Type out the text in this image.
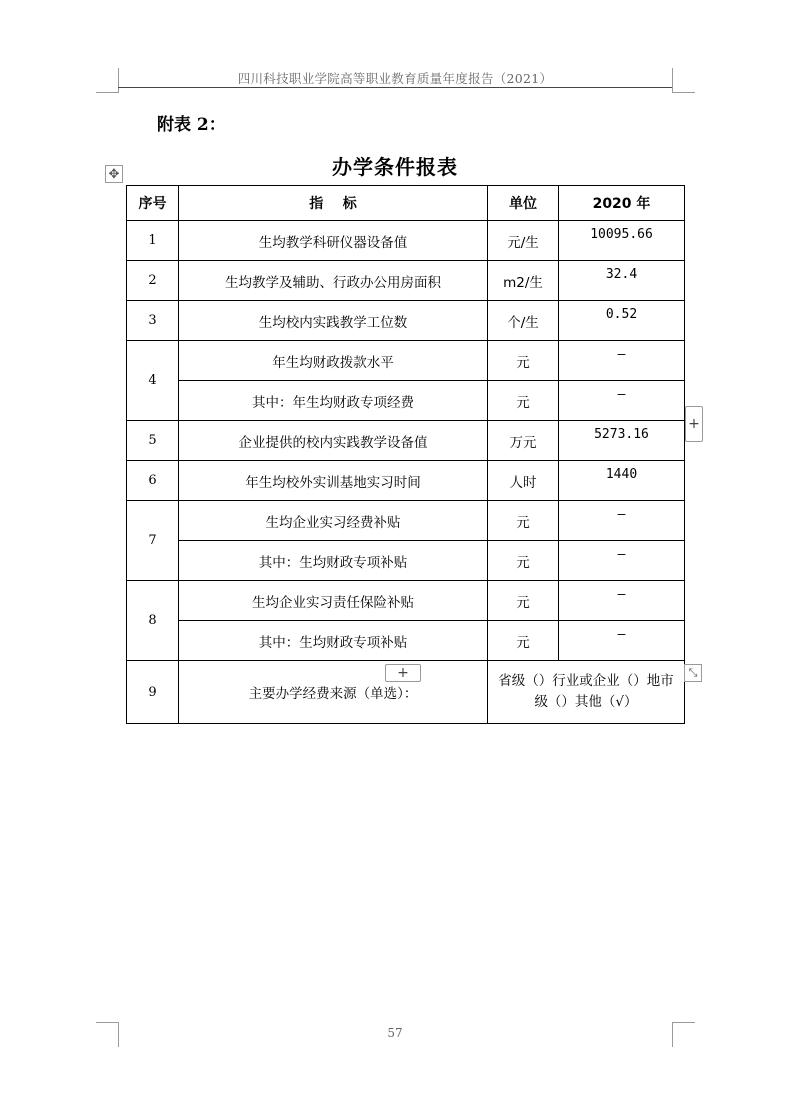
四川科技职业学院高等职业教育质量年度报告（2021）
附表 2：
办学条件报表
✥
序号	指    标	单位	2020 年
1	生均教学科研仪器设备值	元/生	10095.66
2	生均教学及辅助、行政办公用房面积	m2/生	32.4
3	生均校内实践教学工位数	个/生	0.52
4	年生均财政拨款水平	元	—
	其中：年生均财政专项经费	元	—
5	企业提供的校内实践教学设备值	万元	5273.16
6	年生均校外实训基地实习时间	人时	1440
7	生均企业实习经费补贴	元	—
	其中：生均财政专项补贴	元	—
8	生均企业实习责任保险补贴	元	—
	其中：生均财政专项补贴	元	—
9	主要办学经费来源（单选）：	省级（）行业或企业（）地市级（）其他（√）	
+
+	⤡
57
